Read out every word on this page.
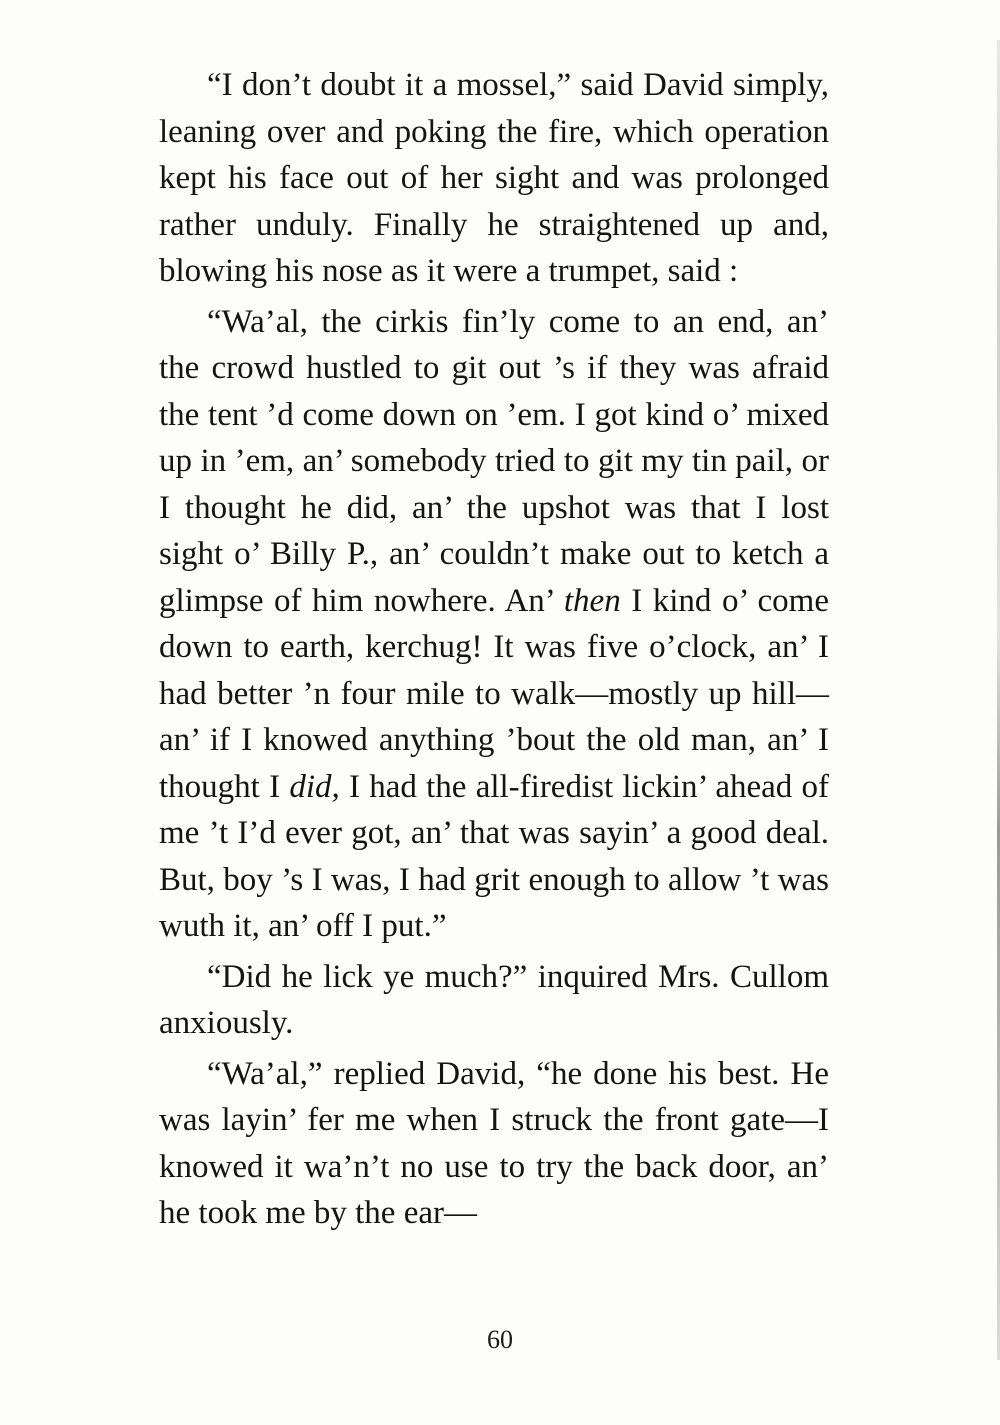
“I don’t doubt it a mossel,” said David simply, leaning over and poking the fire, which operation kept his face out of her sight and was prolonged rather unduly. Finally he straightened up and, blowing his nose as it were a trumpet, said :

“Wa’al, the cirkis fin’ly come to an end, an’ the crowd hustled to git out ’s if they was afraid the tent ’d come down on ’em. I got kind o’ mixed up in ’em, an’ somebody tried to git my tin pail, or I thought he did, an’ the upshot was that I lost sight o’ Billy P., an’ couldn’t make out to ketch a glimpse of him nowhere. An’ then I kind o’ come down to earth, kerchug! It was five o’clock, an’ I had better ’n four mile to walk—mostly up hill—an’ if I knowed anything ’bout the old man, an’ I thought I did, I had the all-firedist lickin’ ahead of me ’t I’d ever got, an’ that was sayin’ a good deal. But, boy ’s I was, I had grit enough to allow ’t was wuth it, an’ off I put.”

“Did he lick ye much?” inquired Mrs. Cullom anxiously.

“Wa’al,” replied David, “he done his best. He was layin’ fer me when I struck the front gate—I knowed it wa’n’t no use to try the back door, an’ he took me by the ear—

60
